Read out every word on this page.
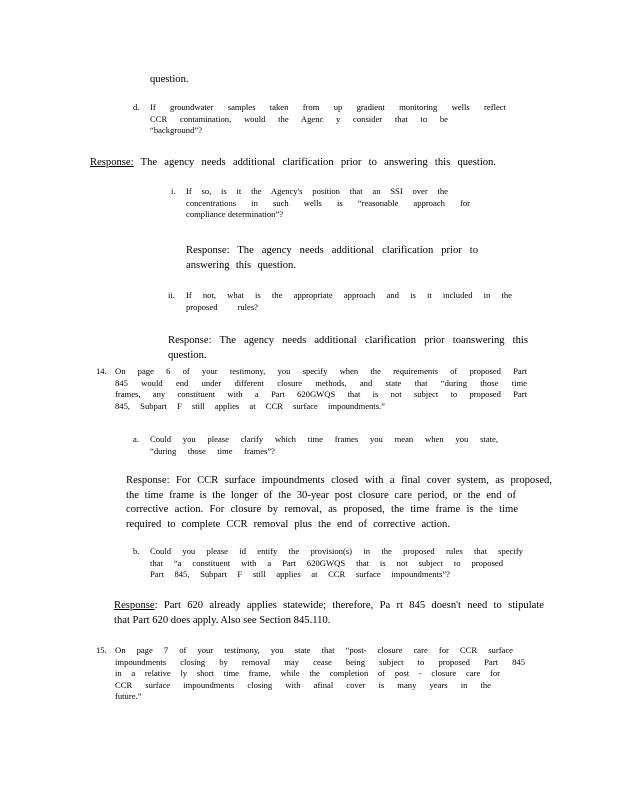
question.
d. If groundwater samples taken from up gradient monitoring wells reflect
CCR contamination, would the Agenc y consider that to be
“background”?
Response: The agency needs additional clarification prior to answering this question.
i. If so, is it the Agency's position that an SSI over the
concentrations in such wells is “reasonable approach for
compliance determination”?
Response: The agency needs additional clarification prior to
answering this question.
ii. If not, what is the appropriate approach and is it included in the
proposed rules?
Response: The agency needs additional clarification prior toanswering this
question.
14. On page 6 of your testimony, you specify when the requirements of proposed Part
845 would end under different closure methods, and state that “during those time
frames, any constituent with a Part 620GWQS that is not subject to proposed Part
845, Subpart F still applies at CCR surface impoundments.”
a. Could you please clarify which time frames you mean when you state,
“during those time frames”?
Response: For CCR surface impoundments closed with a final cover system, as proposed,
the time frame is the longer of the 30-year post closure care period, or the end of
corrective action. For closure by removal, as proposed, the time frame is the time
required to complete CCR removal plus the end of corrective action.
b. Could you please id entify the provision(s) in the proposed rules that specify
that “a constituent with a Part 620GWQS that is not subject to proposed
Part 845, Subpart F still applies at CCR surface impoundments”?
Response: Part 620 already applies statewide; therefore, Pa rt 845 doesn't need to stipulate
that Part 620 does apply. Also see Section 845.110.
15. On page 7 of your testimony, you state that “post- closure care for CCR surface
impoundments closing by removal may cease being subject to proposed Part 845
in a relative ly short time frame, while the completion of post - closure care for
CCR surface impoundments closing with afinal cover is many years in the
future.”
